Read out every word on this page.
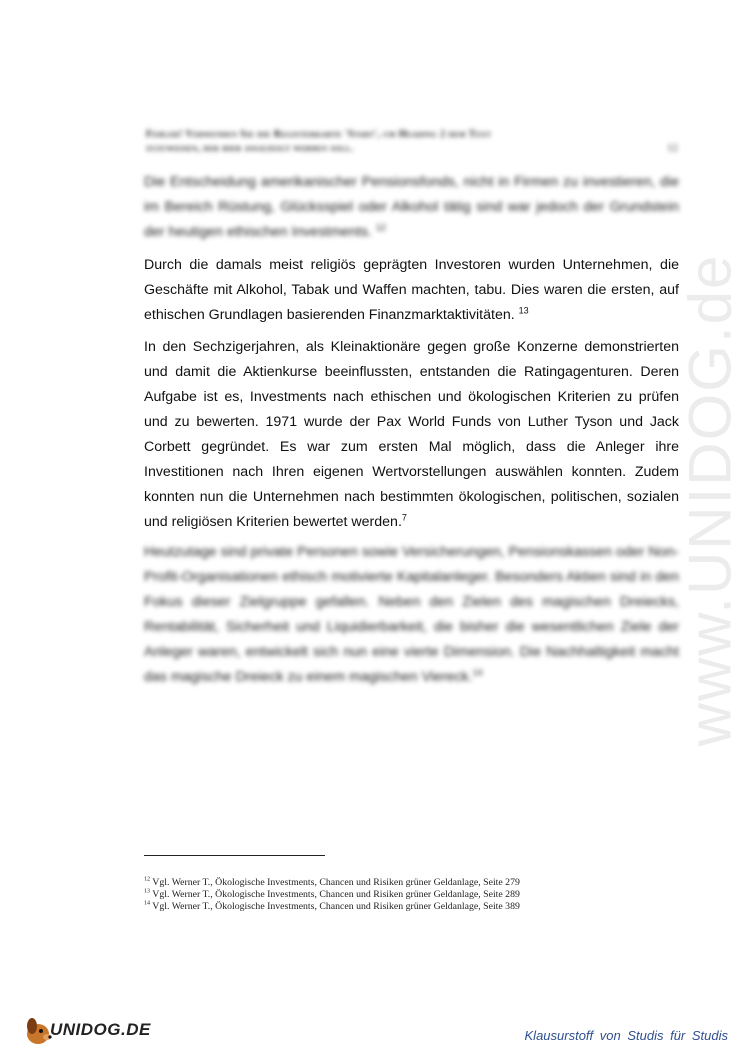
www.UNIDOG.de
Fehler! Verwenden Sie die Registerkarte 'Start', um Heading 2 dem Text
zuzuweisen, der hier angezeigt werden soll.	12

Die Entscheidung amerikanischer Pensionsfonds, nicht in Firmen zu investieren, die im Bereich Rüstung, Glücksspiel oder Alkohol tätig sind war jedoch der Grundstein der heutigen ethischen Investments. $^{12}$

Durch die damals meist religiös geprägten Investoren wurden Unternehmen, die Geschäfte mit Alkohol, Tabak und Waffen machten, tabu. Dies waren die ersten, auf ethischen Grundlagen basierenden Finanzmarktaktivitäten. $^{13}$

In den Sechzigerjahren, als Kleinaktionäre gegen große Konzerne demonstrierten und damit die Aktienkurse beeinflussten, entstanden die Ratingagenturen. Deren Aufgabe ist es, Investments nach ethischen und ökologischen Kriterien zu prüfen und zu bewerten. 1971 wurde der Pax World Funds von Luther Tyson und Jack Corbett gegründet. Es war zum ersten Mal möglich, dass die Anleger ihre Investitionen nach Ihren eigenen Wertvorstellungen auswählen konnten. Zudem konnten nun die Unternehmen nach bestimmten ökologischen, politischen, sozialen und religiösen Kriterien bewertet werden.$^7$

Heutzutage sind private Personen sowie Versicherungen, Pensionskassen oder Non-Profit-Organisationen ethisch motivierte Kapitalanleger. Besonders Aktien sind in den Fokus dieser Zielgruppe gefallen. Neben den Zielen des magischen Dreiecks, Rentabilität, Sicherheit und Liquidierbarkeit, die bisher die wesentlichen Ziele der Anleger waren, entwickelt sich nun eine vierte Dimension. Die Nachhaltigkeit macht das magische Dreieck zu einem magischen Viereck.$^{14}$

$^{12}$ Vgl. Werner T., Ökologische Investments, Chancen und Risiken grüner Geldanlage, Seite 279
$^{13}$ Vgl. Werner T., Ökologische Investments, Chancen und Risiken grüner Geldanlage, Seite 289
$^{14}$ Vgl. Werner T., Ökologische Investments, Chancen und Risiken grüner Geldanlage, Seite 389
UNIDOG.DE	Klausurstoff von Studis für Studis
